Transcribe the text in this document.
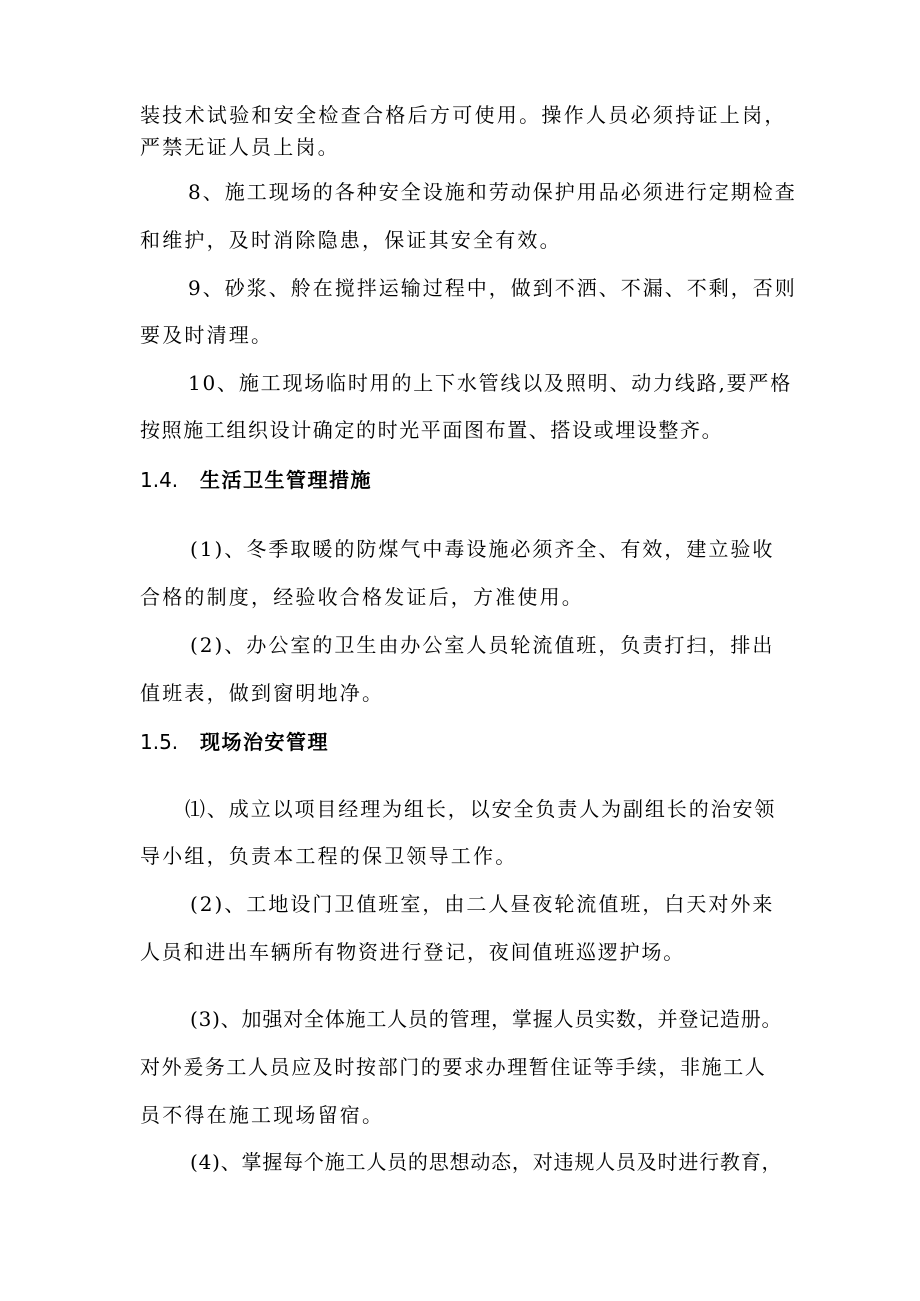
装技术试验和安全检查合格后方可使用。操作人员必须持证上岗，
严禁无证人员上岗。
8、施工现场的各种安全设施和劳动保护用品必须进行定期检查
和维护，及时消除隐患，保证其安全有效。
9、砂浆、舲在搅拌运输过程中，做到不洒、不漏、不剩，否则
要及时清理。
10、施工现场临时用的上下水管线以及照明、动力线路,要严格
按照施工组织设计确定的时光平面图布置、搭设或埋设整齐。
1.4. 生活卫生管理措施
(1)、冬季取暖的防煤气中毒设施必须齐全、有效，建立验收
合格的制度，经验收合格发证后，方准使用。
(2)、办公室的卫生由办公室人员轮流值班，负责打扫，排出
值班表，做到窗明地净。
1.5. 现场治安管理
⑴、成立以项目经理为组长，以安全负责人为副组长的治安领
导小组，负责本工程的保卫领导工作。
(2)、工地设门卫值班室，由二人昼夜轮流值班，白天对外来
人员和进出车辆所有物资进行登记，夜间值班巡逻护场。
(3)、加强对全体施工人员的管理，掌握人员实数，并登记造册。
对外爰务工人员应及时按部门的要求办理暂住证等手续，非施工人
员不得在施工现场留宿。
(4)、掌握每个施工人员的思想动态，对违规人员及时进行教育，
